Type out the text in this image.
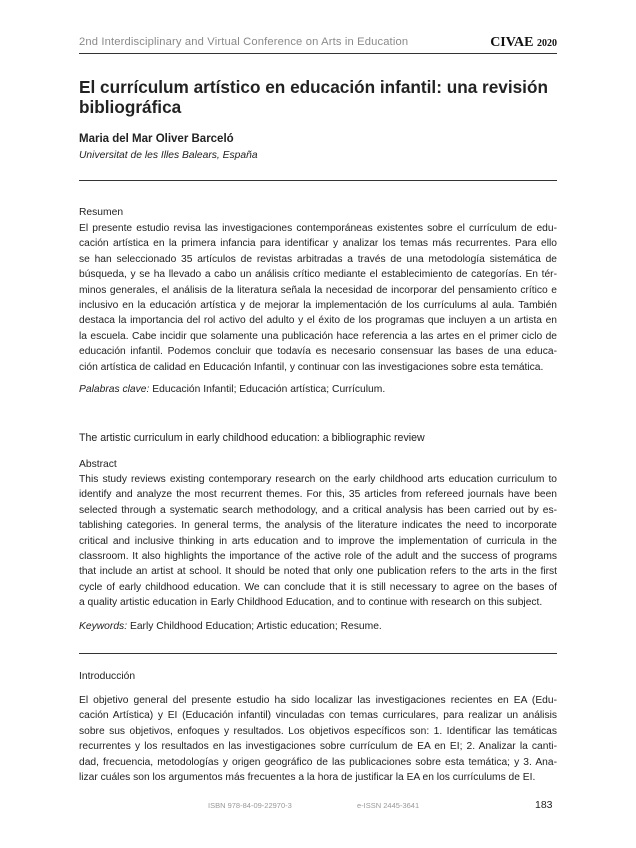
2nd Interdisciplinary and Virtual Conference on Arts in Education	CIVAE 2020
El currículum artístico en educación infantil: una revisión bibliográfica
Maria del Mar Oliver Barceló
Universitat de les Illes Balears, España
Resumen
El presente estudio revisa las investigaciones contemporáneas existentes sobre el currículum de edu-
cación artística en la primera infancia para identificar y analizar los temas más recurrentes. Para ello
se han seleccionado 35 artículos de revistas arbitradas a través de una metodología sistemática de
búsqueda, y se ha llevado a cabo un análisis crítico mediante el establecimiento de categorías. En tér-
minos generales, el análisis de la literatura señala la necesidad de incorporar del pensamiento crítico e
inclusivo en la educación artística y de mejorar la implementación de los currículums al aula. También
destaca la importancia del rol activo del adulto y el éxito de los programas que incluyen a un artista en
la escuela. Cabe incidir que solamente una publicación hace referencia a las artes en el primer ciclo de
educación infantil. Podemos concluir que todavía es necesario consensuar las bases de una educa-
ción artística de calidad en Educación Infantil, y continuar con las investigaciones sobre esta temática.
Palabras clave: Educación Infantil; Educación artística; Currículum.
The artistic curriculum in early childhood education: a bibliographic review
Abstract
This study reviews existing contemporary research on the early childhood arts education curriculum to
identify and analyze the most recurrent themes. For this, 35 articles from refereed journals have been
selected through a systematic search methodology, and a critical analysis has been carried out by es-
tablishing categories. In general terms, the analysis of the literature indicates the need to incorporate
critical and inclusive thinking in arts education and to improve the implementation of curricula in the
classroom. It also highlights the importance of the active role of the adult and the success of programs
that include an artist at school. It should be noted that only one publication refers to the arts in the first
cycle of early childhood education. We can conclude that it is still necessary to agree on the bases of
a quality artistic education in Early Childhood Education, and to continue with research on this subject.
Keywords: Early Childhood Education; Artistic education; Resume.
Introducción
El objetivo general del presente estudio ha sido localizar las investigaciones recientes en EA (Edu-
cación Artística) y EI (Educación infantil) vinculadas con temas curriculares, para realizar un análisis
sobre sus objetivos, enfoques y resultados. Los objetivos específicos son: 1. Identificar las temáticas
recurrentes y los resultados en las investigaciones sobre currículum de EA en EI; 2. Analizar la canti-
dad, frecuencia, metodologías y origen geográfico de las publicaciones sobre esta temática; y 3. Ana-
lizar cuáles son los argumentos más frecuentes a la hora de justificar la EA en los currículums de EI.
ISBN 978-84-09-22970-3	e-ISSN 2445-3641	183
